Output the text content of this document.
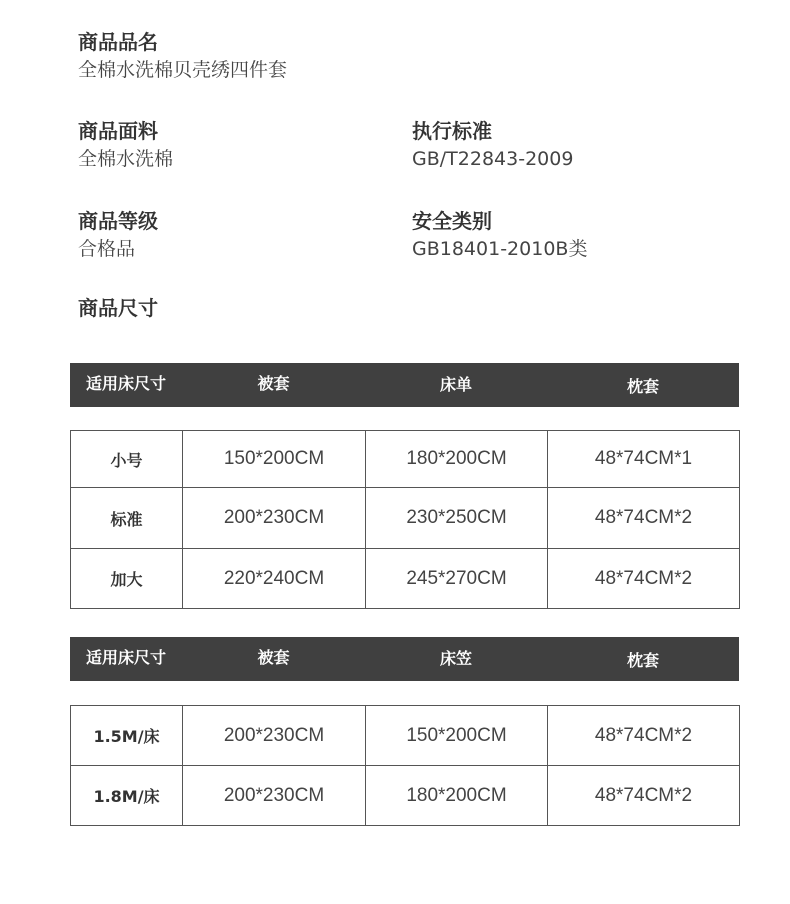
商品品名
全棉水洗棉贝壳绣四件套
商品面料
全棉水洗棉
执行标准
GB/T22843-2009
商品等级
合格品
安全类别
GB18401-2010B类
商品尺寸
适用床尺寸	被套	床单	枕套
小号	150*200CM	180*200CM	48*74CM*1
标准	200*230CM	230*250CM	48*74CM*2
加大	220*240CM	245*270CM	48*74CM*2
适用床尺寸	被套	床笠	枕套
1.5M/床	200*230CM	150*200CM	48*74CM*2
1.8M/床	200*230CM	180*200CM	48*74CM*2
